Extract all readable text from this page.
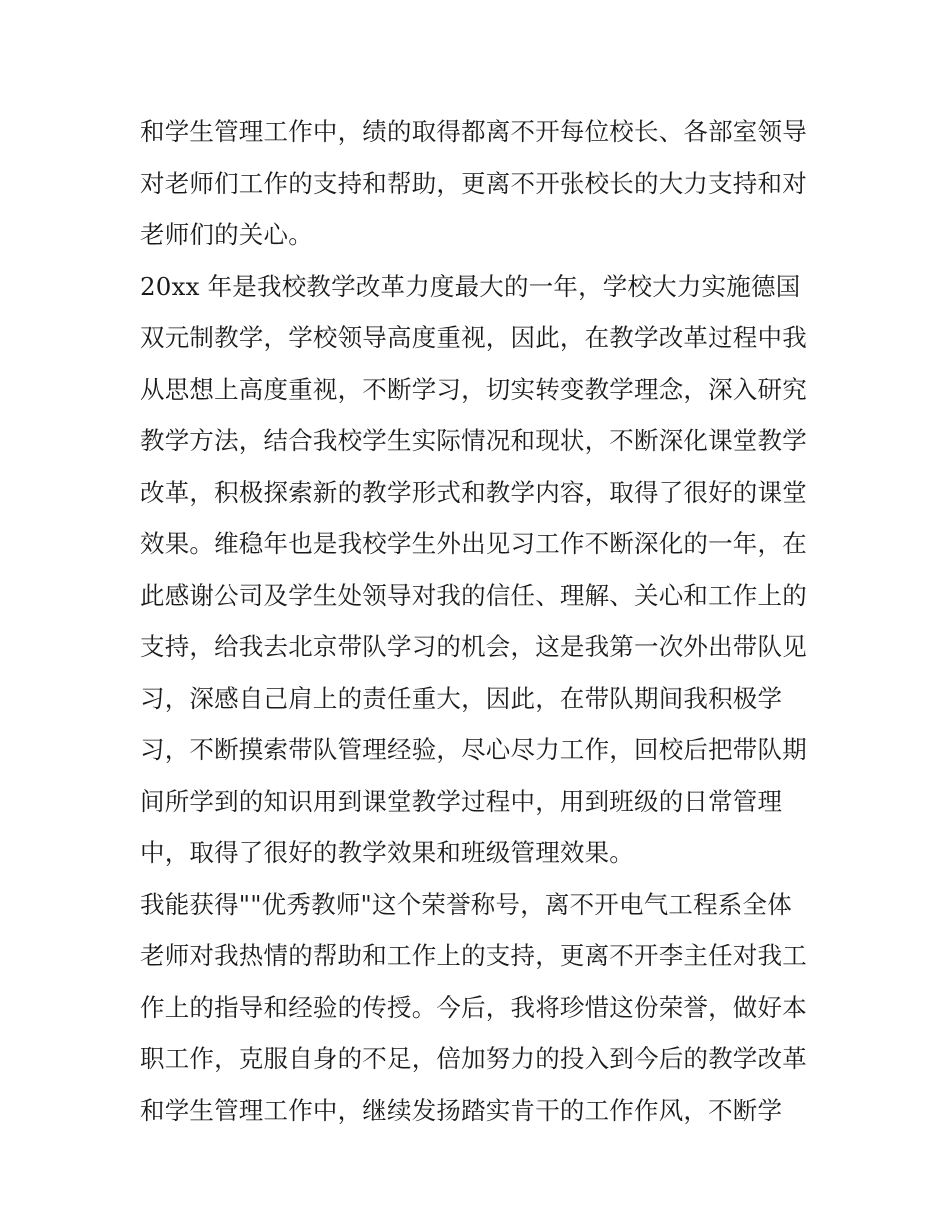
和学生管理工作中，绩的取得都离不开每位校长、各部室领导
对老师们工作的支持和帮助，更离不开张校长的大力支持和对
老师们的关心。
20xx 年是我校教学改革力度最大的一年，学校大力实施德国
双元制教学，学校领导高度重视，因此，在教学改革过程中我
从思想上高度重视，不断学习，切实转变教学理念，深入研究
教学方法，结合我校学生实际情况和现状，不断深化课堂教学
改革，积极探索新的教学形式和教学内容，取得了很好的课堂
效果。维稳年也是我校学生外出见习工作不断深化的一年，在
此感谢公司及学生处领导对我的信任、理解、关心和工作上的
支持，给我去北京带队学习的机会，这是我第一次外出带队见
习，深感自己肩上的责任重大，因此，在带队期间我积极学
习，不断摸索带队管理经验，尽心尽力工作，回校后把带队期
间所学到的知识用到课堂教学过程中，用到班级的日常管理
中，取得了很好的教学效果和班级管理效果。
我能获得""优秀教师"这个荣誉称号，离不开电气工程系全体
老师对我热情的帮助和工作上的支持，更离不开李主任对我工
作上的指导和经验的传授。今后，我将珍惜这份荣誉，做好本
职工作，克服自身的不足，倍加努力的投入到今后的教学改革
和学生管理工作中，继续发扬踏实肯干的工作作风，不断学
